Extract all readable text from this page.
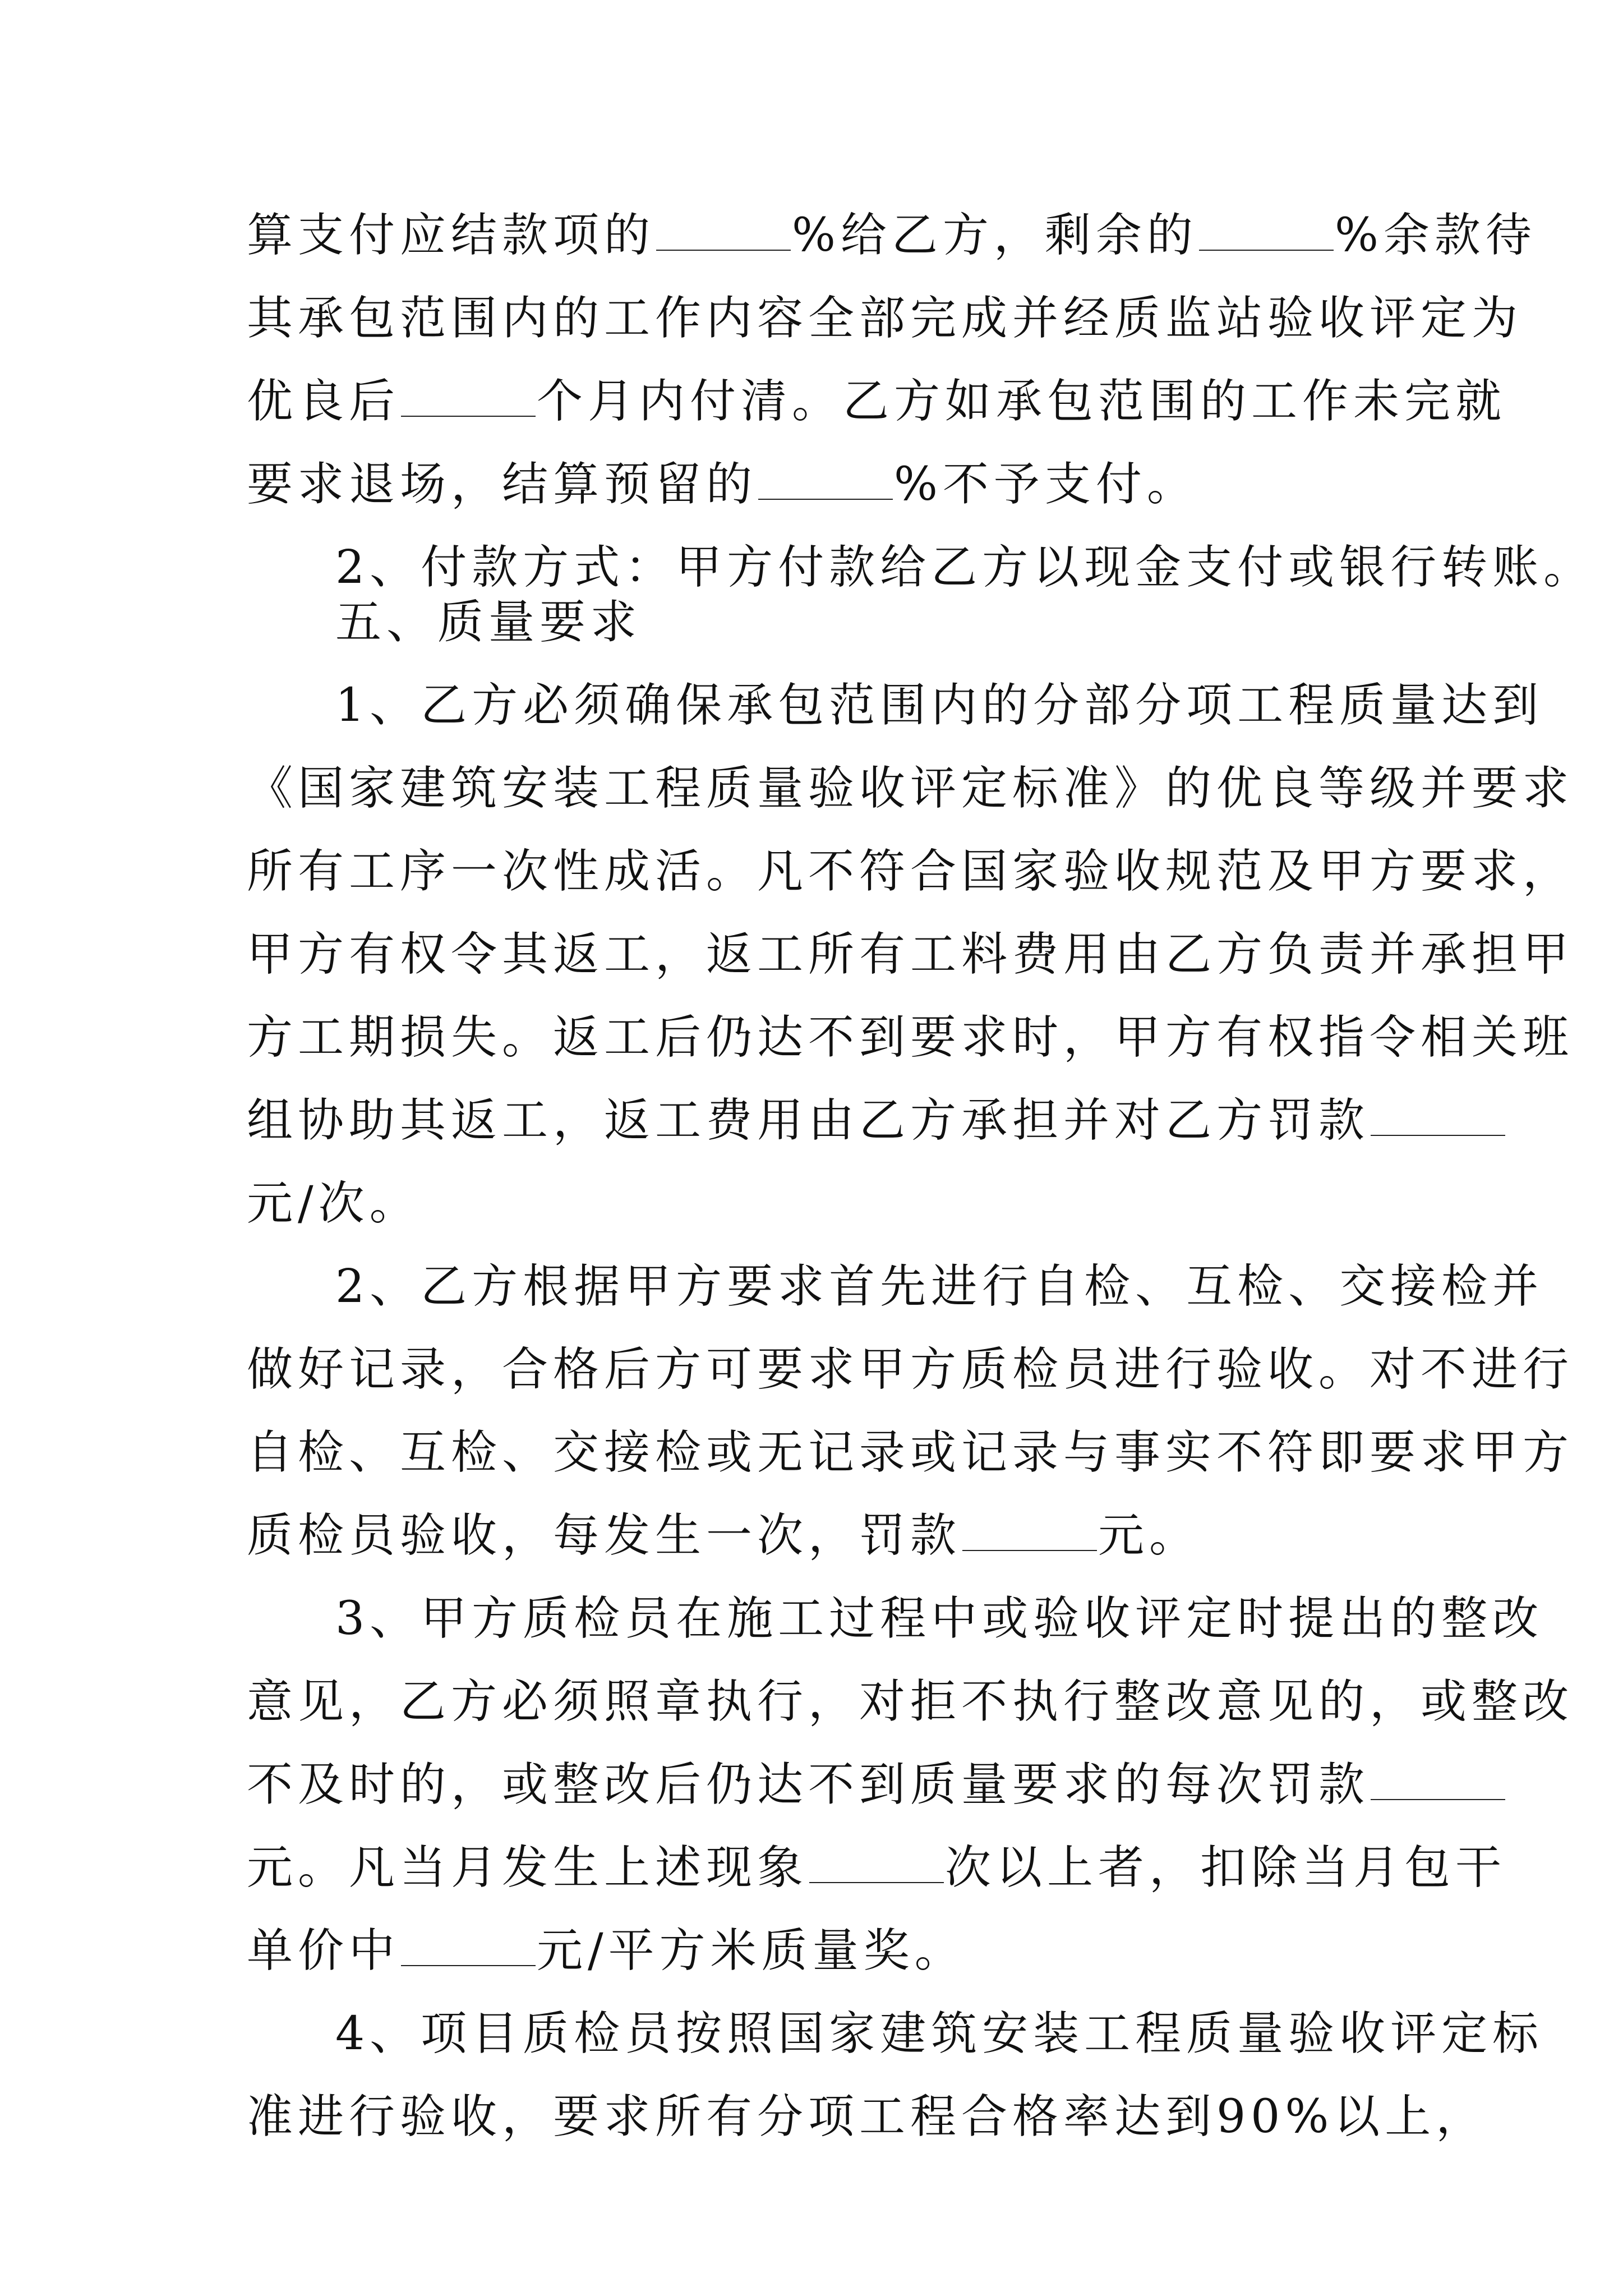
算支付应结款项的	%给乙方，剩余的	%余款待
其承包范围内的工作内容全部完成并经质监站验收评定为
优良后	个月内付清。乙方如承包范围的工作未完就
要求退场，结算预留的	%不予支付。
2、付款方式：甲方付款给乙方以现金支付或银行转账。
五、质量要求
1、乙方必须确保承包范围内的分部分项工程质量达到
《国家建筑安装工程质量验收评定标准》的优良等级并要求
所有工序一次性成活。凡不符合国家验收规范及甲方要求，
甲方有权令其返工，返工所有工料费用由乙方负责并承担甲
方工期损失。返工后仍达不到要求时，甲方有权指令相关班
组协助其返工，返工费用由乙方承担并对乙方罚款
元/次。
2、乙方根据甲方要求首先进行自检、互检、交接检并
做好记录，合格后方可要求甲方质检员进行验收。对不进行
自检、互检、交接检或无记录或记录与事实不符即要求甲方
质检员验收，每发生一次，罚款	元。
3、甲方质检员在施工过程中或验收评定时提出的整改
意见，乙方必须照章执行，对拒不执行整改意见的，或整改
不及时的，或整改后仍达不到质量要求的每次罚款
元。凡当月发生上述现象	次以上者，扣除当月包干
单价中	元/平方米质量奖。
4、项目质检员按照国家建筑安装工程质量验收评定标
准进行验收，要求所有分项工程合格率达到90%以上，
